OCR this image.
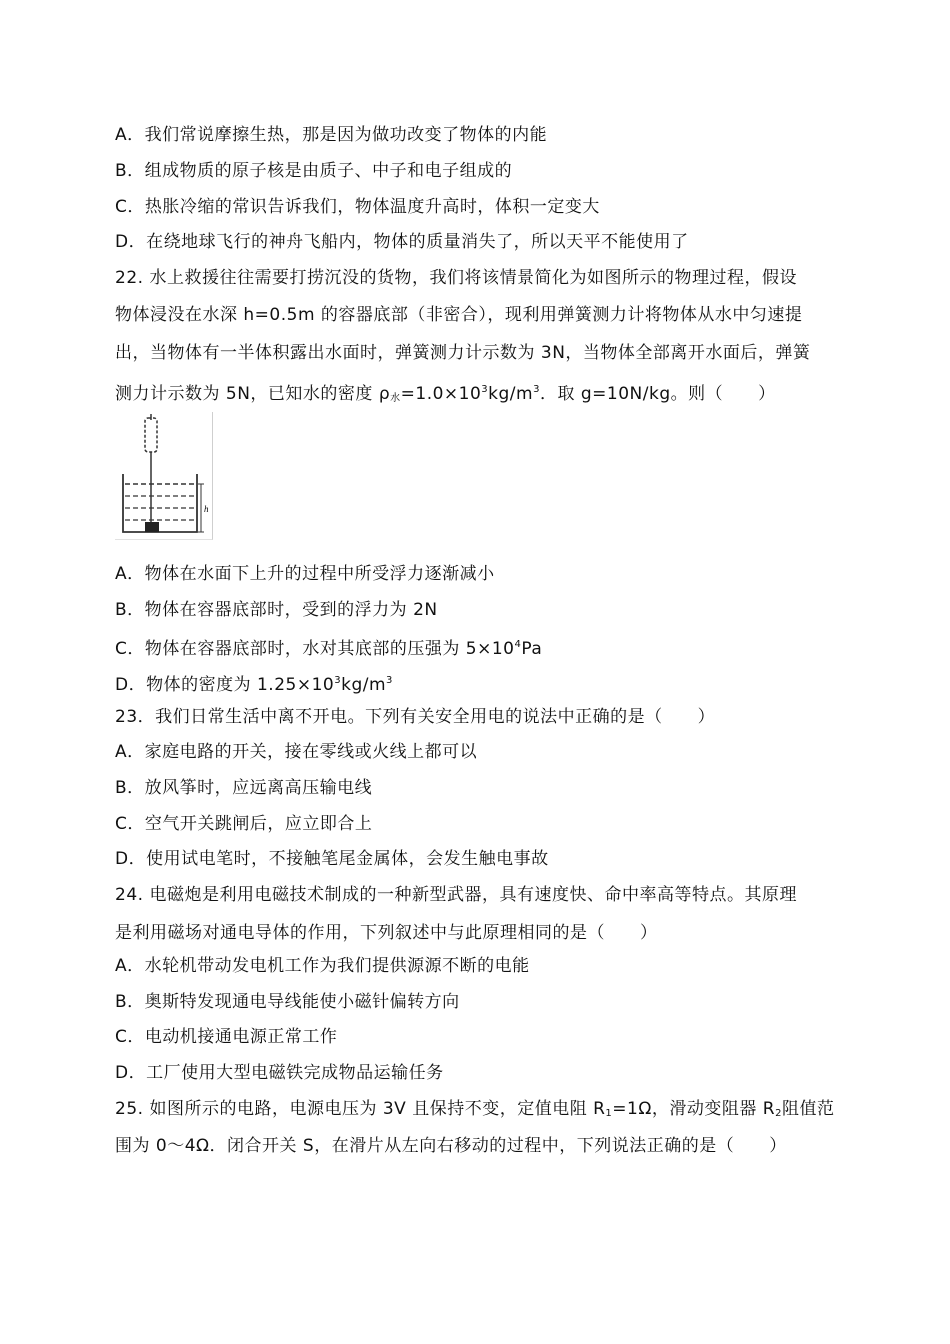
A．我们常说摩擦生热，那是因为做功改变了物体的内能
B．组成物质的原子核是由质子、中子和电子组成的
C．热胀冷缩的常识告诉我们，物体温度升高时，体积一定变大
D．在绕地球飞行的神舟飞船内，物体的质量消失了，所以天平不能使用了
22. 水上救援往往需要打捞沉没的货物，我们将该情景简化为如图所示的物理过程，假设
物体浸没在水深 h=0.5m 的容器底部（非密合），现利用弹簧测力计将物体从水中匀速提
出，当物体有一半体积露出水面时，弹簧测力计示数为 3N，当物体全部离开水面后，弹簧
测力计示数为 5N，已知水的密度 $\rho_水=1.0\times 10^3kg/m^3$．取 g=10N/kg。则（　　）
h
A．物体在水面下上升的过程中所受浮力逐渐减小
B．物体在容器底部时，受到的浮力为 2N
C．物体在容器底部时，水对其底部的压强为 $5\times 10^4Pa$
D．物体的密度为 $1.25\times 10^3kg/m^3$
23．我们日常生活中离不开电。下列有关安全用电的说法中正确的是（　　）
A．家庭电路的开关，接在零线或火线上都可以
B．放风筝时，应远离高压输电线
C．空气开关跳闸后，应立即合上
D．使用试电笔时，不接触笔尾金属体，会发生触电事故
24. 电磁炮是利用电磁技术制成的一种新型武器，具有速度快、命中率高等特点。其原理
是利用磁场对通电导体的作用，下列叙述中与此原理相同的是（　　）
A．水轮机带动发电机工作为我们提供源源不断的电能
B．奥斯特发现通电导线能使小磁针偏转方向
C．电动机接通电源正常工作
D．工厂使用大型电磁铁完成物品运输任务
25. 如图所示的电路，电源电压为 3V 且保持不变，定值电阻 $R_1=1\Omega$，滑动变阻器 $R_2$阻值范
围为 0～4Ω．闭合开关 S，在滑片从左向右移动的过程中，下列说法正确的是（　　）
